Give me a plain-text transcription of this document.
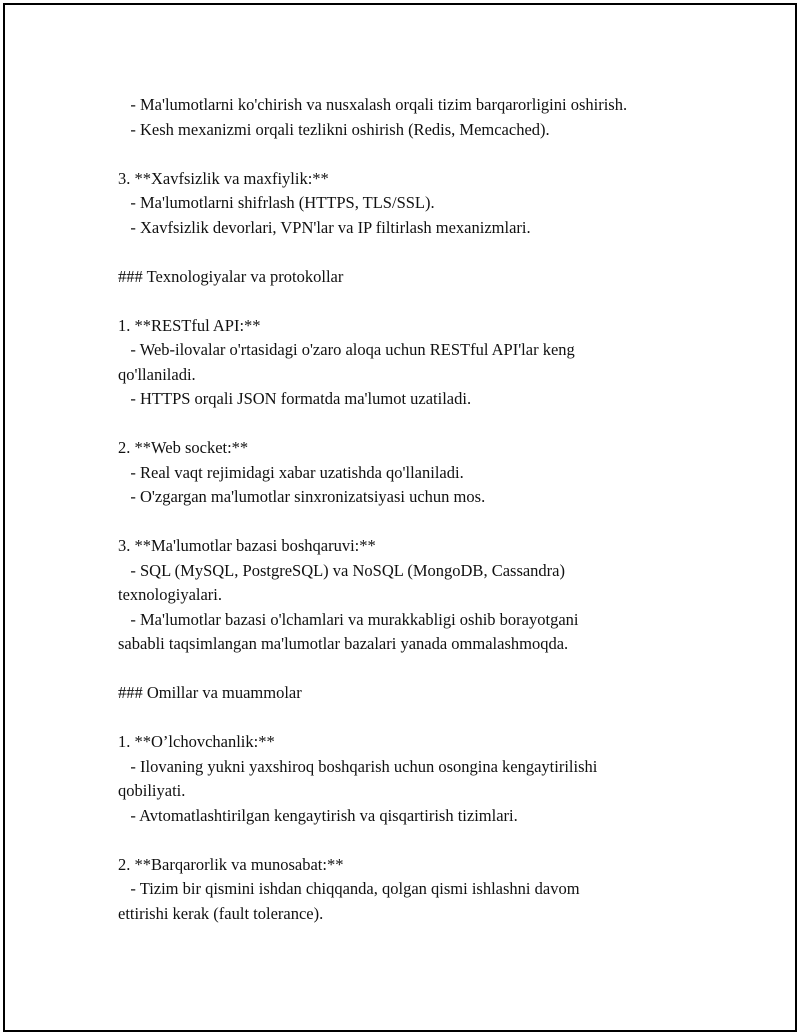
- Ma'lumotlarni ko'chirish va nusxalash orqali tizim barqarorligini oshirish.
- Kesh mexanizmi orqali tezlikni oshirish (Redis, Memcached).
3. **Xavfsizlik va maxfiylik:**
- Ma'lumotlarni shifrlash (HTTPS, TLS/SSL).
- Xavfsizlik devorlari, VPN'lar va IP filtirlash mexanizmlari.
### Texnologiyalar va protokollar
1. **RESTful API:**
- Web-ilovalar o'rtasidagi o'zaro aloqa uchun RESTful API'lar keng
qo'llaniladi.
- HTTPS orqali JSON formatda ma'lumot uzatiladi.
2. **Web socket:**
- Real vaqt rejimidagi xabar uzatishda qo'llaniladi.
- O'zgargan ma'lumotlar sinxronizatsiyasi uchun mos.
3. **Ma'lumotlar bazasi boshqaruvi:**
- SQL (MySQL, PostgreSQL) va NoSQL (MongoDB, Cassandra)
texnologiyalari.
- Ma'lumotlar bazasi o'lchamlari va murakkabligi oshib borayotgani
sababli taqsimlangan ma'lumotlar bazalari yanada ommalashmoqda.
### Omillar va muammolar
1. **O’lchovchanlik:**
- Ilovaning yukni yaxshiroq boshqarish uchun osongina kengaytirilishi
qobiliyati.
- Avtomatlashtirilgan kengaytirish va qisqartirish tizimlari.
2. **Barqarorlik va munosabat:**
- Tizim bir qismini ishdan chiqqanda, qolgan qismi ishlashni davom
ettirishi kerak (fault tolerance).
